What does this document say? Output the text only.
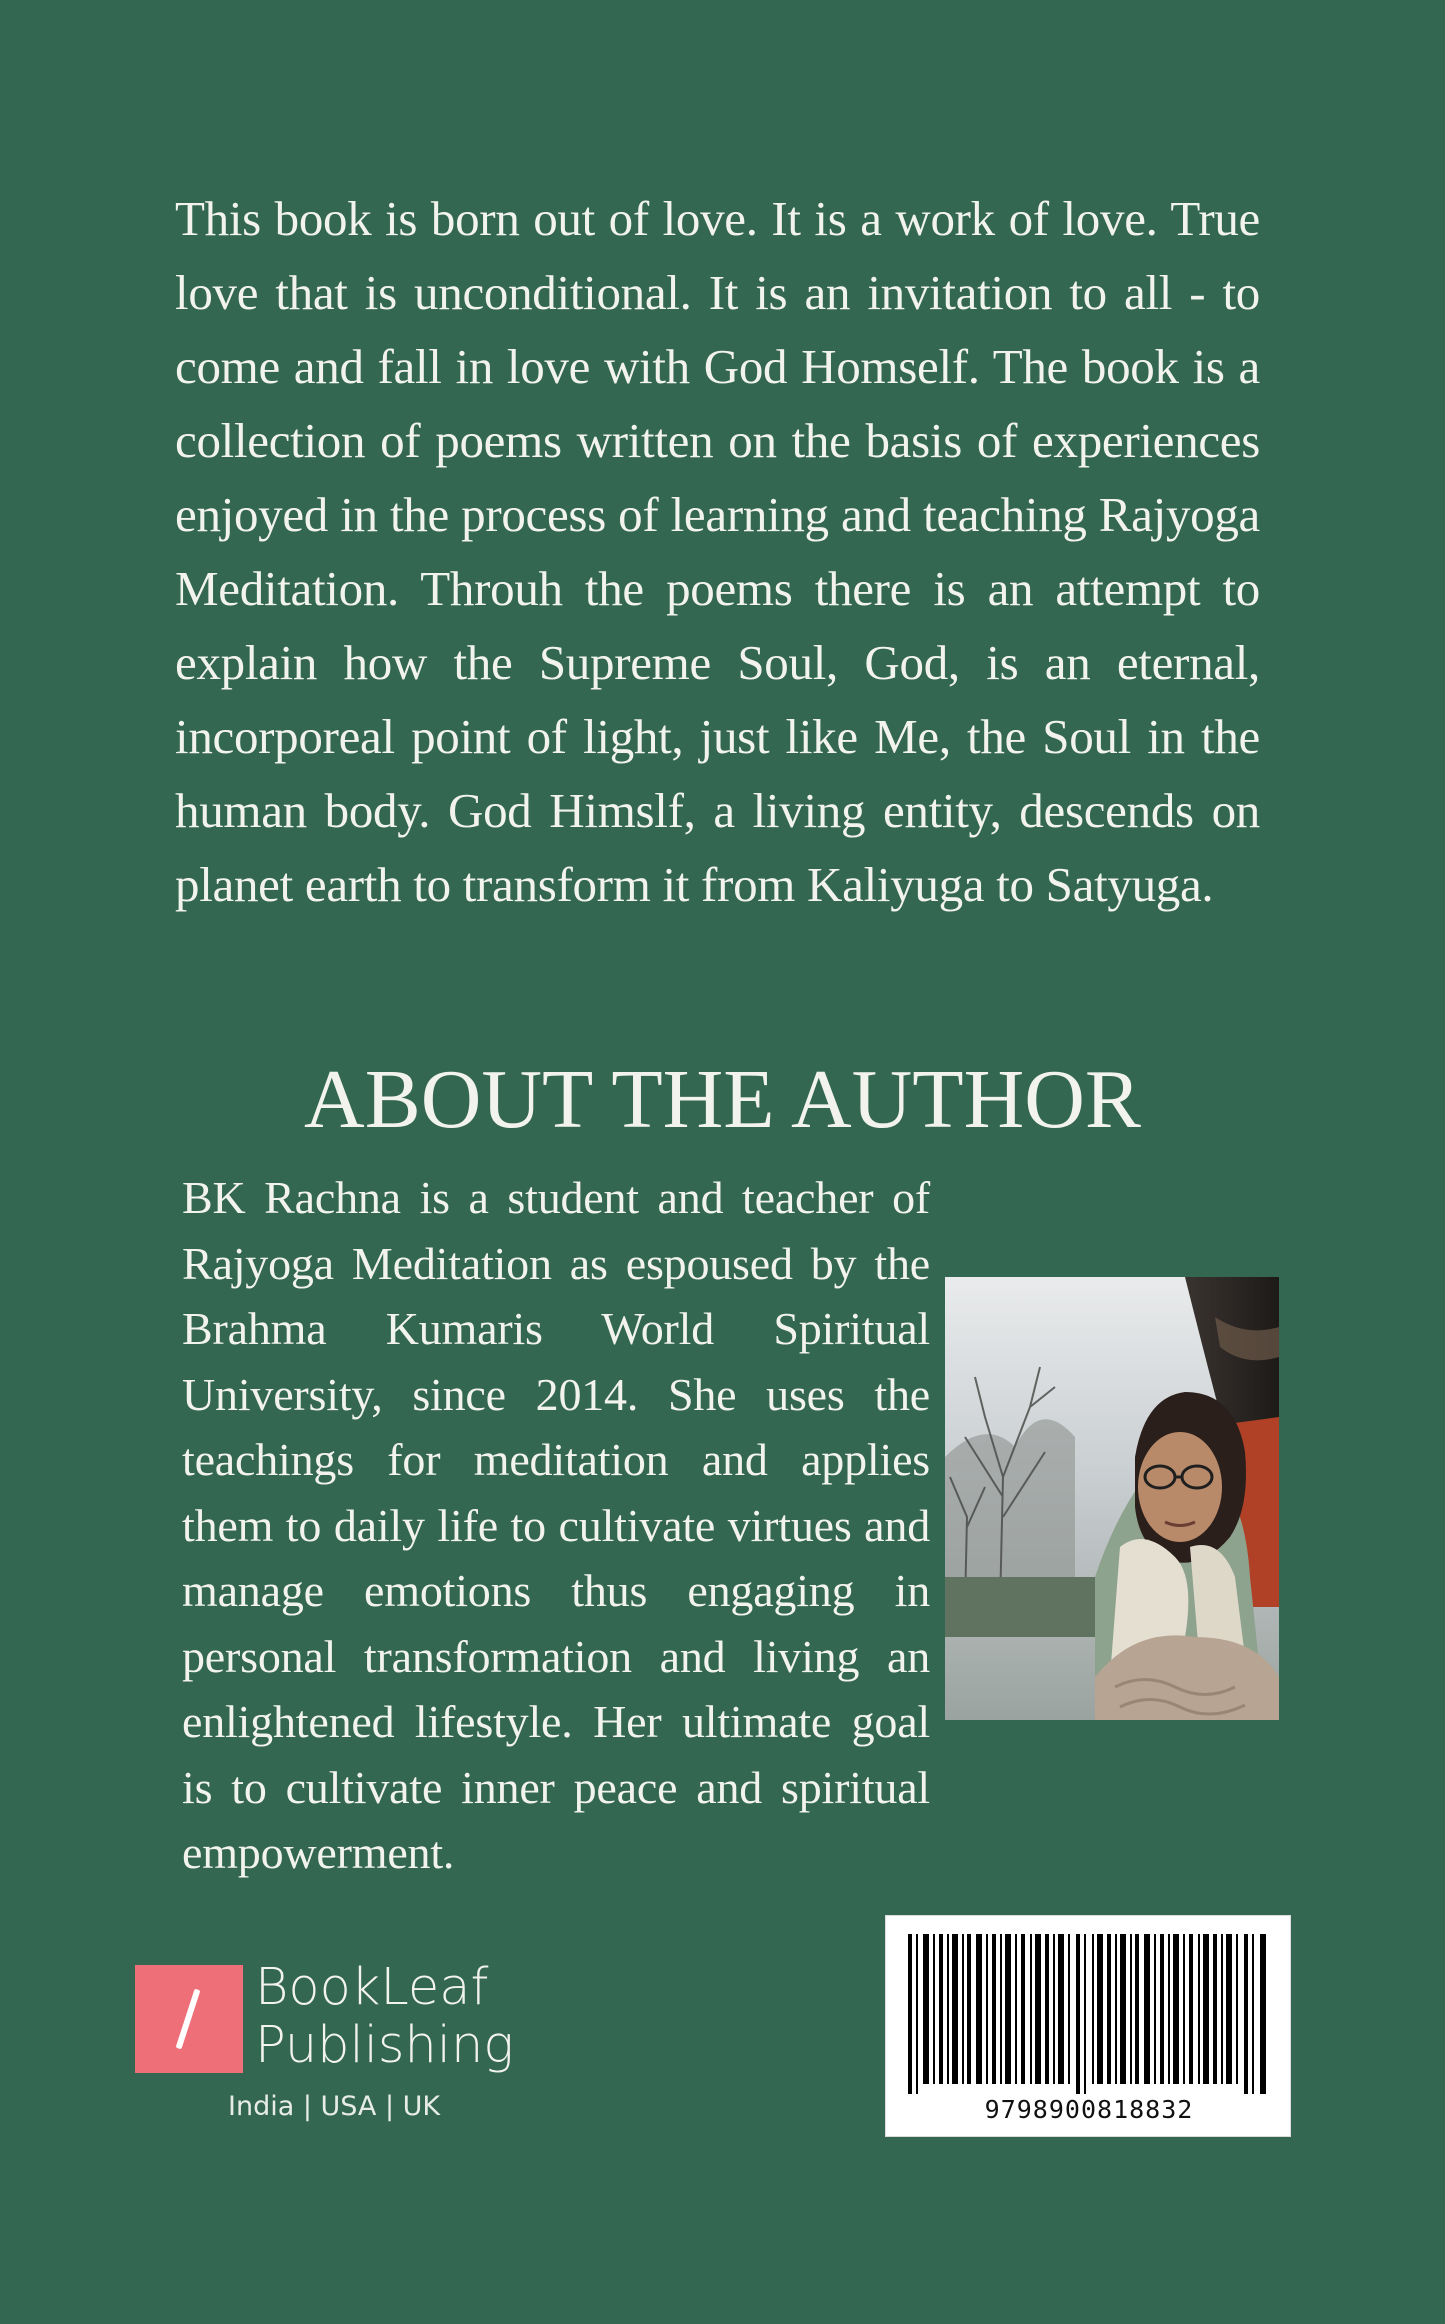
This book is born out of love. It is a work of love. True love that is unconditional. It is an invitation to all - to come and fall in love with God Homself. The book is a collection of poems written on the basis of experiences enjoyed in the process of learning and teaching Rajyoga Meditation. Throuh the poems there is an attempt to explain how the Supreme Soul, God, is an eternal, incorporeal point of light, just like Me, the Soul in the human body. God Himslf, a living entity, descends on planet earth to transform it from Kaliyuga to Satyuga.
ABOUT THE AUTHOR
BK Rachna is a student and teacher of Rajyoga Meditation as espoused by the Brahma Kumaris World Spiritual University, since 2014. She uses the teachings for meditation and applies them to daily life to cultivate virtues and manage emotions thus engaging in personal transformation and living an enlightened lifestyle. Her ultimate goal is to cultivate inner peace and spiritual empowerment.
BookLeaf
Publishing
India | USA | UK	9798900818832
